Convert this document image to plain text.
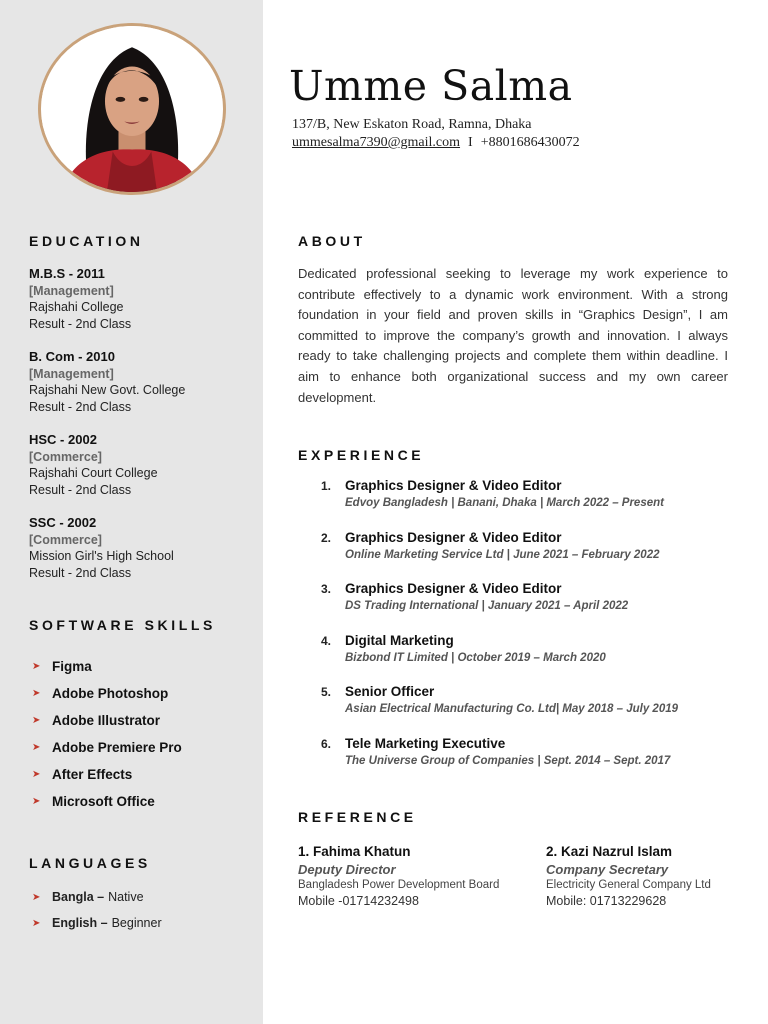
EDUCATION
M.B.S - 2011
[Management]
Rajshahi College
Result - 2nd Class
B. Com - 2010
[Management]
Rajshahi New Govt. College
Result - 2nd Class
HSC - 2002
[Commerce]
Rajshahi Court College
Result - 2nd Class
SSC - 2002
[Commerce]
Mission Girl's High School
Result - 2nd Class
SOFTWARE SKILLS
➤ Figma
➤ Adobe Photoshop
➤ Adobe Illustrator
➤ Adobe Premiere Pro
➤ After Effects
➤ Microsoft Office
LANGUAGES
➤ Bangla – Native
➤ English – Beginner
Umme Salma
137/B, New Eskaton Road, Ramna, Dhaka
ummesalma7390@gmail.com I +8801686430072
ABOUT
Dedicated professional seeking to leverage my work experience to contribute effectively to a dynamic work environment. With a strong foundation in your field and proven skills in “Graphics Design”, I am committed to improve the company’s growth and innovation. I always ready to take challenging projects and complete them within deadline. I aim to enhance both organizational success and my own career development.
EXPERIENCE
1.	Graphics Designer & Video Editor
Edvoy Bangladesh | Banani, Dhaka | March 2022 – Present
2.	Graphics Designer & Video Editor
Online Marketing Service Ltd | June 2021 – February 2022
3.	Graphics Designer & Video Editor
DS Trading International | January 2021 – April 2022
4.	Digital Marketing
Bizbond IT Limited | October 2019 – March 2020
5.	Senior Officer
Asian Electrical Manufacturing Co. Ltd| May 2018 – July 2019
6.	Tele Marketing Executive
The Universe Group of Companies | Sept. 2014 – Sept. 2017
REFERENCE
1. Fahima Khatun
Deputy Director
Bangladesh Power Development Board
Mobile -01714232498
2. Kazi Nazrul Islam
Company Secretary
Electricity General Company Ltd
Mobile: 01713229628
